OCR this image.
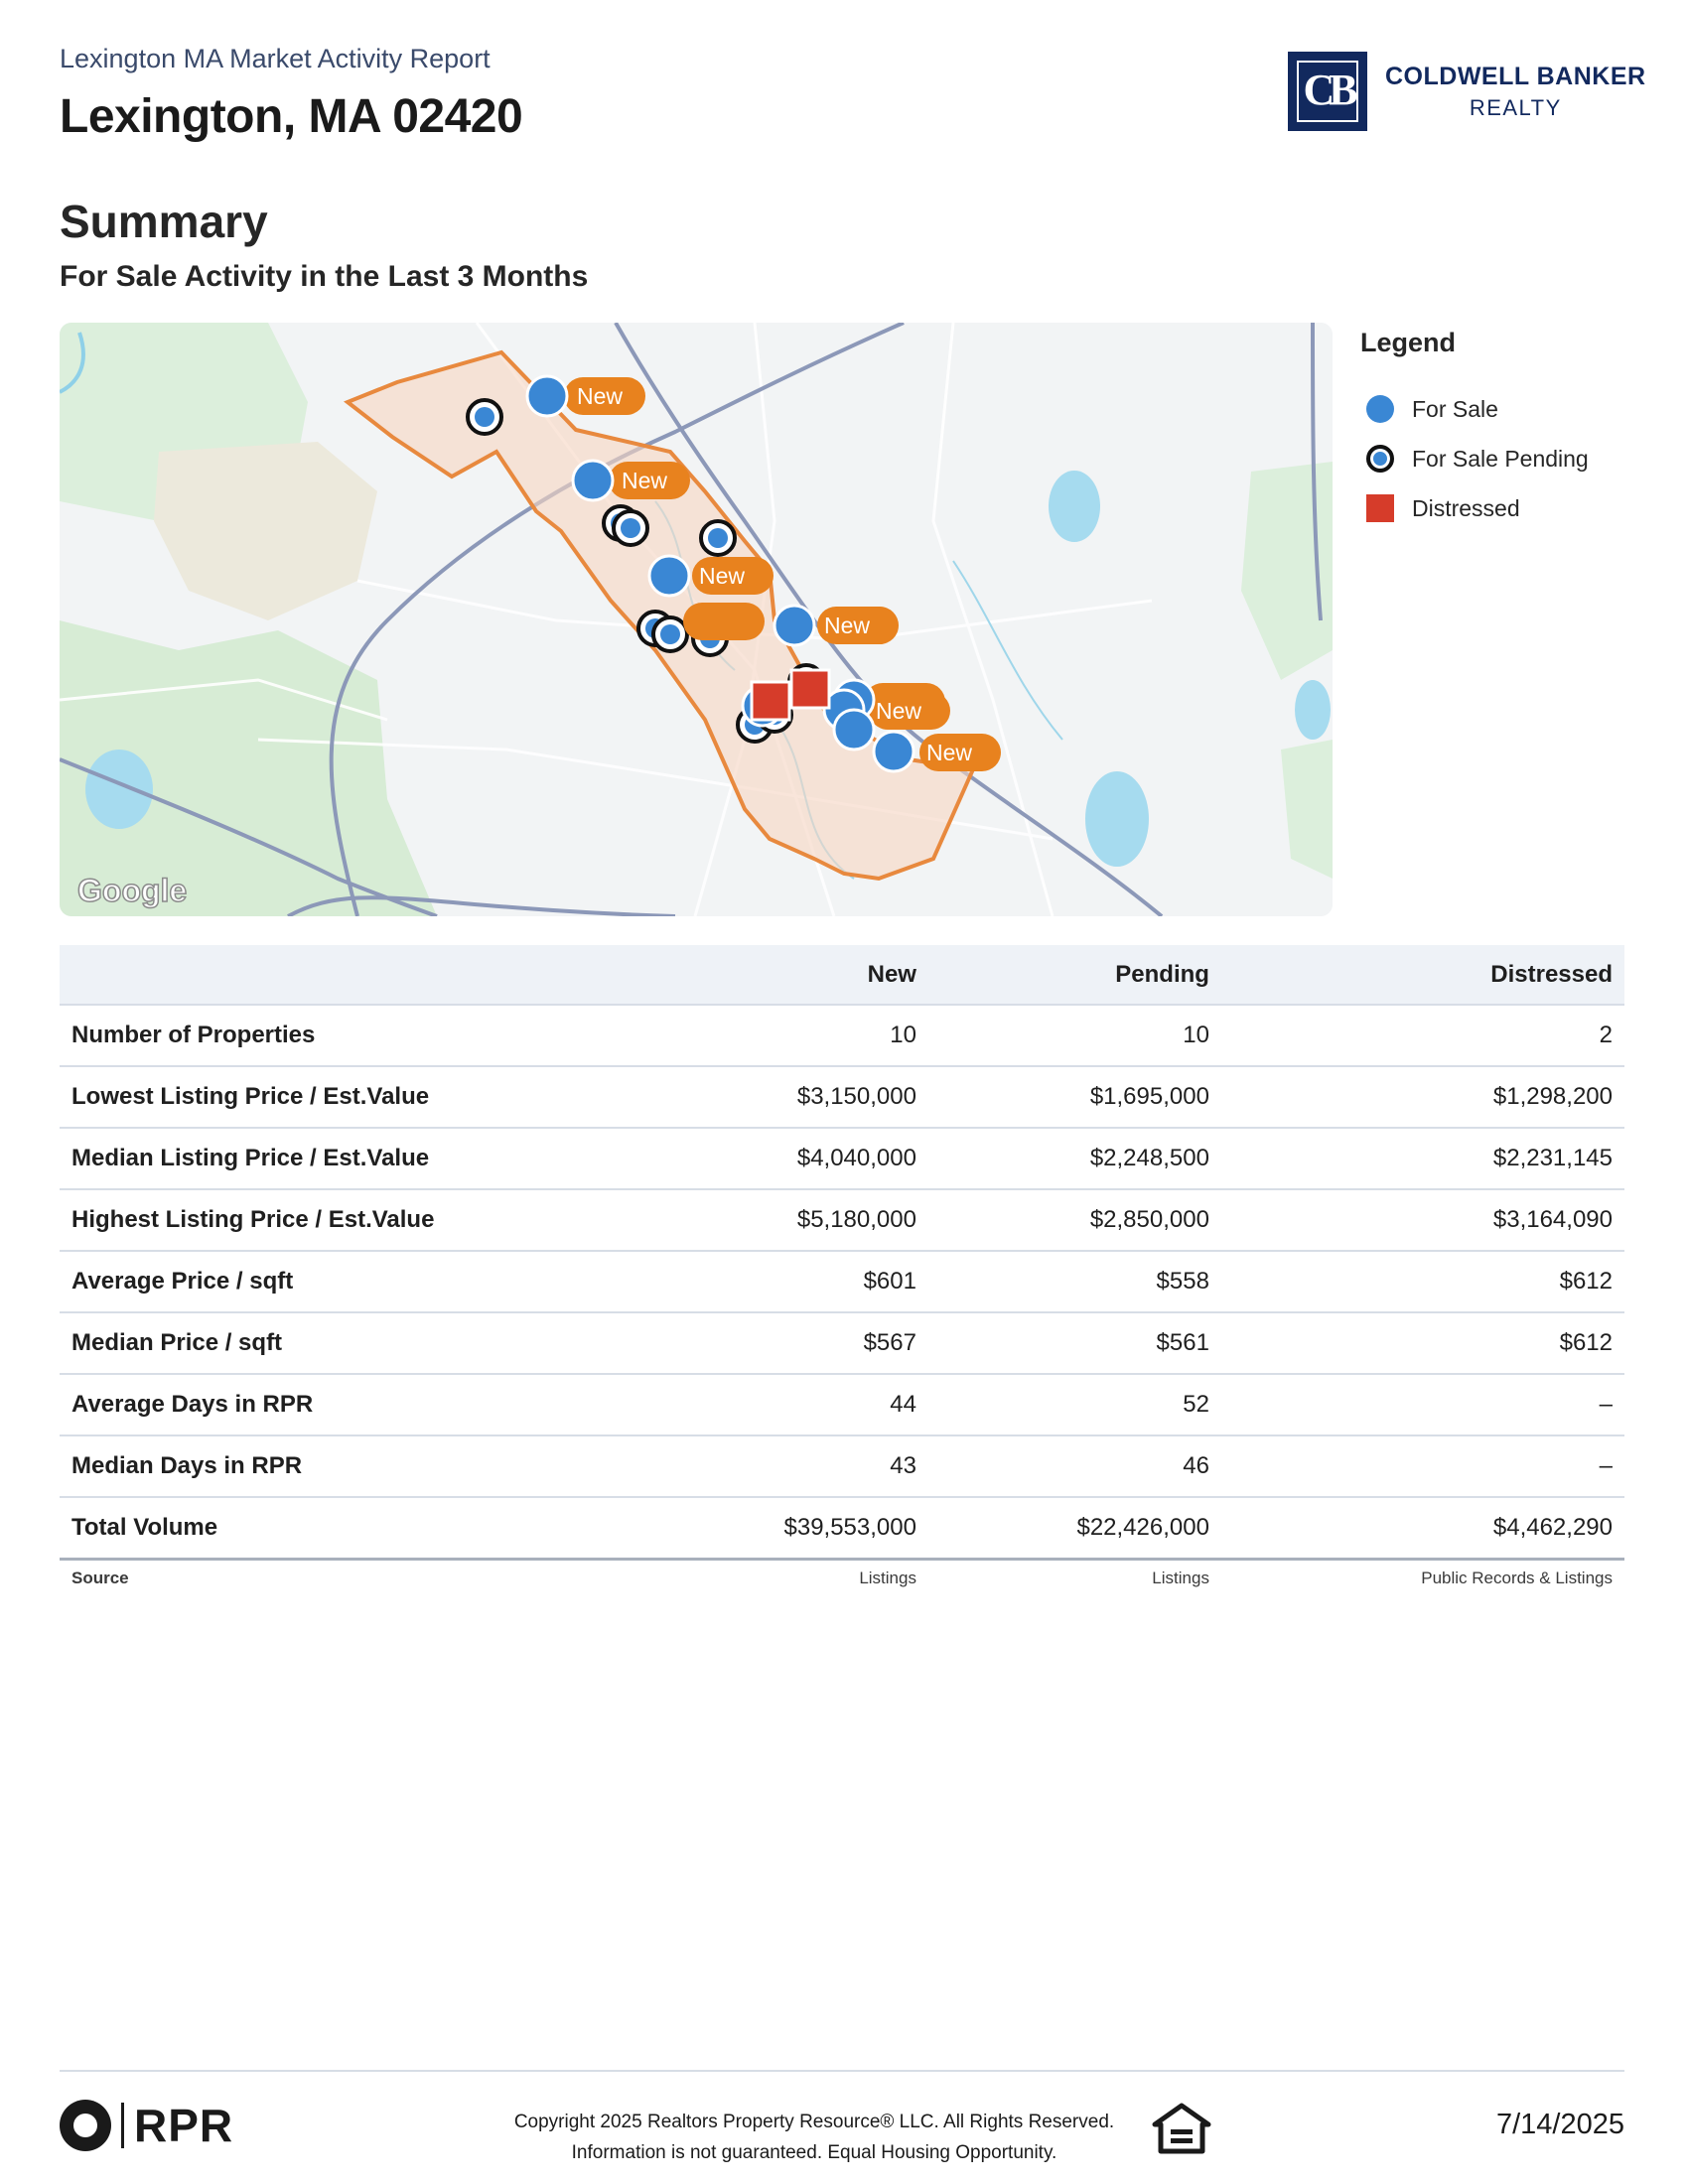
Lexington MA Market Activity Report
Lexington, MA 02420
CB	COLDWELL BANKER
REALTY
Summary
For Sale Activity in the Last 3 Months
New
New
New
New
New
New
Google
Legend
For Sale
For Sale Pending
Distressed
	New	Pending	Distressed
Number of Properties	10	10	2
Lowest Listing Price / Est.Value	$3,150,000	$1,695,000	$1,298,200
Median Listing Price / Est.Value	$4,040,000	$2,248,500	$2,231,145
Highest Listing Price / Est.Value	$5,180,000	$2,850,000	$3,164,090
Average Price / sqft	$601	$558	$612
Median Price / sqft	$567	$561	$612
Average Days in RPR	44	52	–
Median Days in RPR	43	46	–
Total Volume	$39,553,000	$22,426,000	$4,462,290
Source	Listings	Listings	Public Records & Listings
RPR	Copyright 2025 Realtors Property Resource® LLC. All Rights Reserved.
Information is not guaranteed. Equal Housing Opportunity.
7/14/2025
